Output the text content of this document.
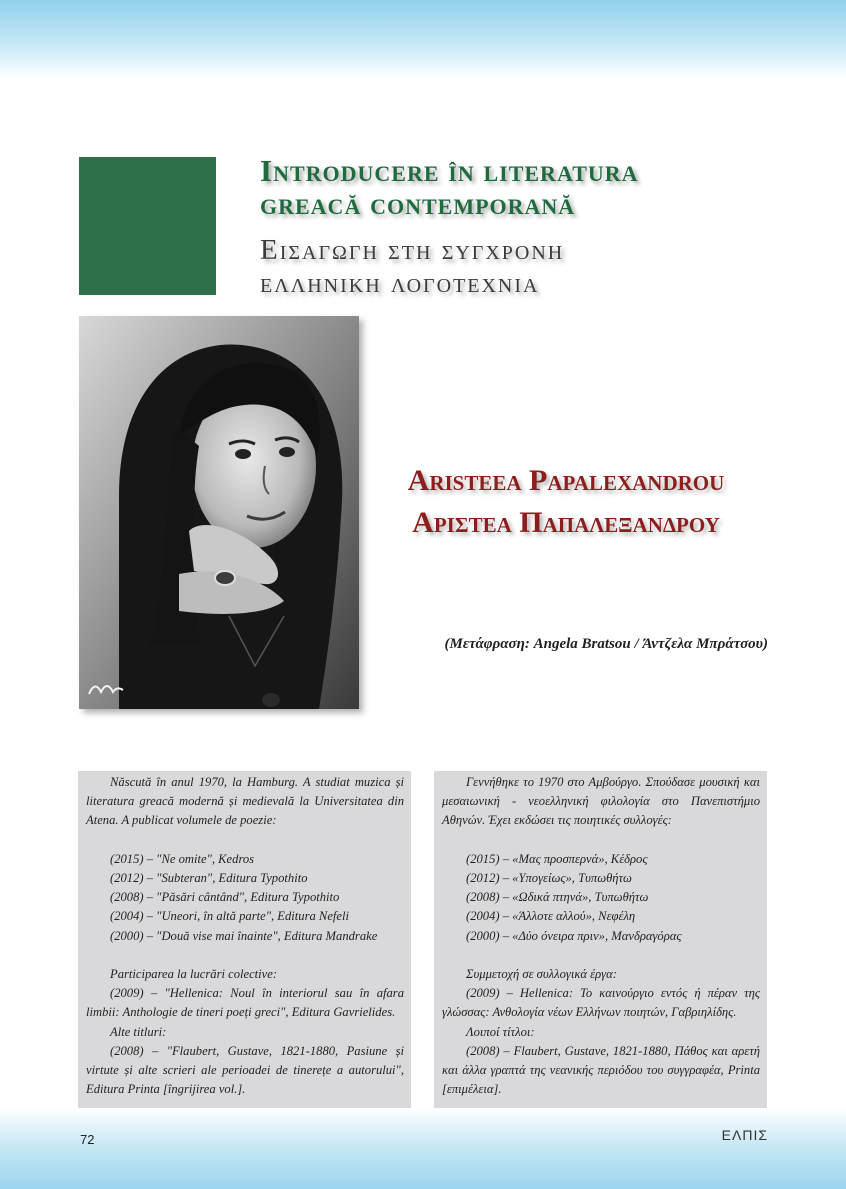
Introducere în literatura
greacă contemporană
Εισαγωγη στη συγχρονη
ελληνικη λογοτεχνια
Aristeea Papalexandrou
Αριστεα Παπαλεξανδρου

(Μετάφραση: Angela Bratsou / Άντζελα Μπράτσου)

Născută în anul 1970, la Hamburg. A studiat muzica și literatura greacă modernă și medievală la Universitatea din Atena. A publicat volumele de poezie:

(2015) – "Ne omite", Kedros

(2012) – "Subteran", Editura Typothito

(2008) – "Păsări cântând", Editura Typothito

(2004) – "Uneori, în altă parte", Editura Nefeli

(2000) – "Două vise mai înainte", Editura Mandrake

Participarea la lucrări colective:

(2009) – "Hellenica: Noul în interiorul sau în afara limbii: Anthologie de tineri poeți greci", Editura Gavrielides.

Alte titluri:

(2008) – "Flaubert, Gustave, 1821-1880, Pasiune și virtute și alte scrieri ale perioadei de tinerețe a autorului", Editura Printa [îngrijirea vol.].

Γεννήθηκε το 1970 στο Αμβούργο. Σπούδασε μουσική και μεσαιωνική - νεοελληνική φιλολογία στο Πανεπιστήμιο Αθηνών. Έχει εκδώσει τις ποιητικές συλλογές:

(2015) – «Μας προσπερνά», Κέδρος

(2012) – «Υπογείως», Τυπωθήτω

(2008) – «Ωδικά πτηνά», Τυπωθήτω

(2004) – «Άλλοτε αλλού», Νεφέλη

(2000) – «Δύο όνειρα πριν», Μανδραγόρας

Συμμετοχή σε συλλογικά έργα:

(2009) – Hellenica: Το καινούργιο εντός ή πέραν της γλώσσας: Ανθολογία νέων Ελλήνων ποιητών, Γαβριηλίδης.

Λοιποί τίτλοι:

(2008) – Flaubert, Gustave, 1821-1880, Πάθος και αρετή και άλλα γραπτά της νεανικής περιόδου του συγγραφέα, Printa [επιμέλεια].

72	ΕΛΠΙΣ
